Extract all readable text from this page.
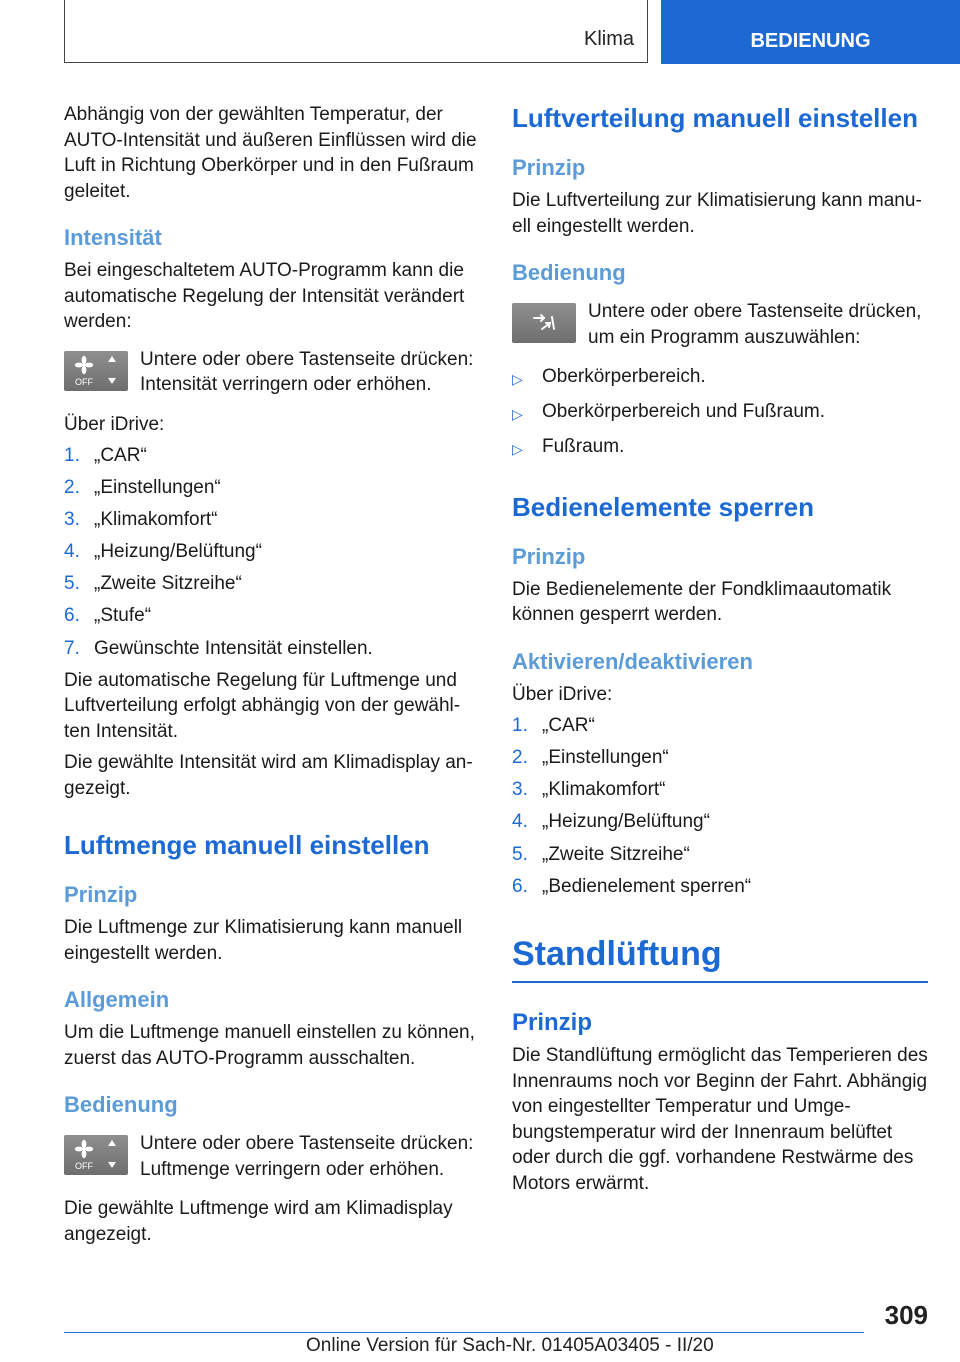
Klima	BEDIENUNG

Abhängig von der gewählten Temperatur, der AUTO-Intensität und äußeren Einflüssen wird die Luft in Richtung Oberkörper und in den Fußraum geleitet.

Intensität

Bei eingeschaltetem AUTO-Programm kann die automatische Regelung der Intensität verändert werden:

OFF
Untere oder obere Tastenseite drücken: Intensität verringern oder erhöhen.

Über iDrive:

1. „CAR“
2. „Einstellungen“
3. „Klimakomfort“
4. „Heizung/Belüftung“
5. „Zweite Sitzreihe“
6. „Stufe“
7. Gewünschte Intensität einstellen.

Die automatische Regelung für Luftmenge und Luftverteilung erfolgt abhängig von der gewählten Intensität.

Die gewählte Intensität wird am Klimadisplay angezeigt.

Luftmenge manuell einstellen
Prinzip

Die Luftmenge zur Klimatisierung kann manuell eingestellt werden.

Allgemein

Um die Luftmenge manuell einstellen zu können, zuerst das AUTO-Programm ausschalten.

Bedienung
OFF
Untere oder obere Tastenseite drücken: Luftmenge verringern oder erhöhen.

Die gewählte Luftmenge wird am Klimadisplay angezeigt.

Luftverteilung manuell einstellen
Prinzip

Die Luftverteilung zur Klimatisierung kann manuell eingestellt werden.

Bedienung
Untere oder obere Tastenseite drücken, um ein Programm auszuwählen:
▷	Oberkörperbereich.
▷	Oberkörperbereich und Fußraum.
▷	Fußraum.
Bedienelemente sperren
Prinzip

Die Bedienelemente der Fondklimaautomatik können gesperrt werden.

Aktivieren/deaktivieren

Über iDrive:

1. „CAR“
2. „Einstellungen“
3. „Klimakomfort“
4. „Heizung/Belüftung“
5. „Zweite Sitzreihe“
6. „Bedienelement sperren“
Standlüftung
Prinzip

Die Standlüftung ermöglicht das Temperieren des Innenraums noch vor Beginn der Fahrt. Abhängig von eingestellter Temperatur und Umgebungstemperatur wird der Innenraum belüftet oder durch die ggf. vorhandene Restwärme des Motors erwärmt.

309
Online Version für Sach-Nr. 01405A03405 - II/20
